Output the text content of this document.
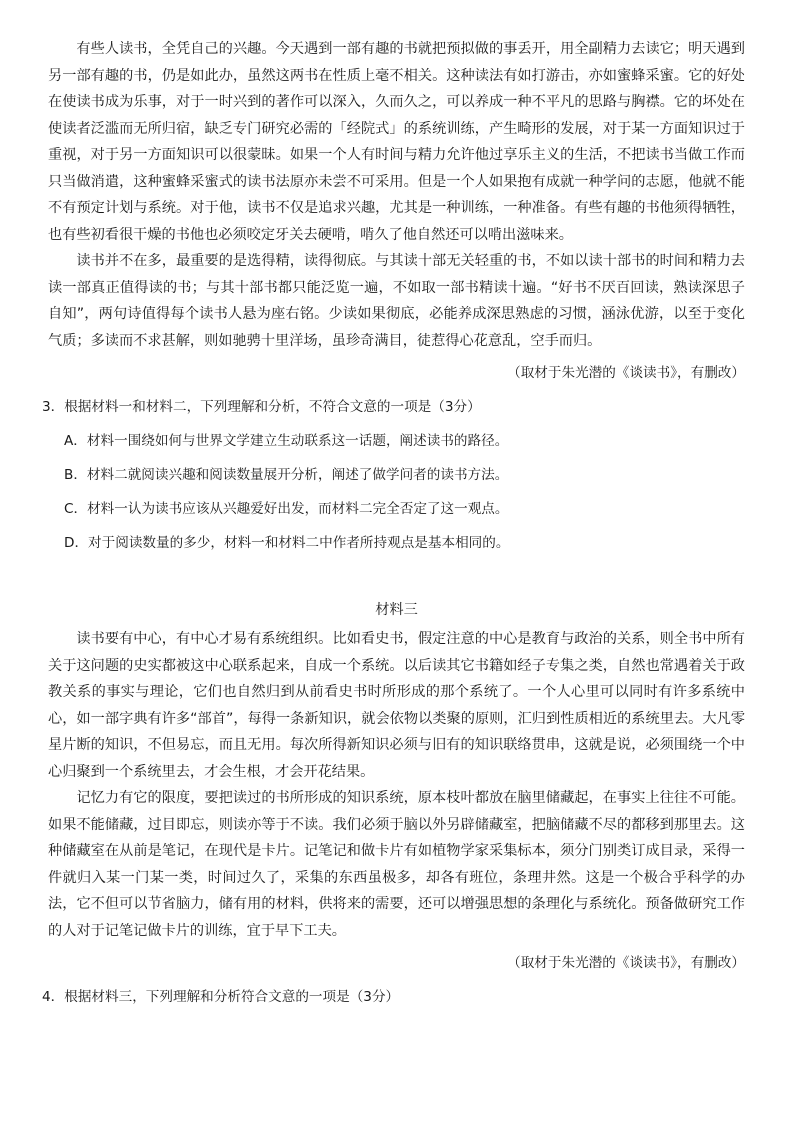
有些人读书，全凭自己的兴趣。今天遇到一部有趣的书就把预拟做的事丢开，用全副精力去读它；明天遇到另一部有趣的书，仍是如此办，虽然这两书在性质上毫不相关。这种读法有如打游击，亦如蜜蜂采蜜。它的好处在使读书成为乐事，对于一时兴到的著作可以深入，久而久之，可以养成一种不平凡的思路与胸襟。它的坏处在使读者泛滥而无所归宿，缺乏专门研究必需的「经院式」的系统训练，产生畸形的发展，对于某一方面知识过于重视，对于另一方面知识可以很蒙昧。如果一个人有时间与精力允许他过享乐主义的生活，不把读书当做工作而只当做消遣，这种蜜蜂采蜜式的读书法原亦未尝不可采用。但是一个人如果抱有成就一种学问的志愿，他就不能不有预定计划与系统。对于他，读书不仅是追求兴趣，尤其是一种训练，一种准备。有些有趣的书他须得牺牲，也有些初看很干燥的书他也必须咬定牙关去硬啃，啃久了他自然还可以啃出滋味来。

读书并不在多，最重要的是选得精，读得彻底。与其读十部无关轻重的书，不如以读十部书的时间和精力去读一部真正值得读的书；与其十部书都只能泛览一遍，不如取一部书精读十遍。“好书不厌百回读，熟读深思子自知”，两句诗值得每个读书人悬为座右铭。少读如果彻底，必能养成深思熟虑的习惯，涵泳优游，以至于变化气质；多读而不求甚解，则如驰骋十里洋场，虽珍奇满目，徒惹得心花意乱，空手而归。

（取材于朱光潜的《谈读书》，有删改）

3．根据材料一和材料二，下列理解和分析，不符合文意的一项是（3分）

A．材料一围绕如何与世界文学建立生动联系这一话题，阐述读书的路径。

B．材料二就阅读兴趣和阅读数量展开分析，阐述了做学问者的读书方法。

C．材料一认为读书应该从兴趣爱好出发，而材料二完全否定了这一观点。

D．对于阅读数量的多少，材料一和材料二中作者所持观点是基本相同的。

材料三

读书要有中心，有中心才易有系统组织。比如看史书，假定注意的中心是教育与政治的关系，则全书中所有关于这问题的史实都被这中心联系起来，自成一个系统。以后读其它书籍如经子专集之类，自然也常遇着关于政教关系的事实与理论，它们也自然归到从前看史书时所形成的那个系统了。一个人心里可以同时有许多系统中心，如一部字典有许多“部首”，每得一条新知识，就会依物以类聚的原则，汇归到性质相近的系统里去。大凡零星片断的知识，不但易忘，而且无用。每次所得新知识必须与旧有的知识联络贯串，这就是说，必须围绕一个中心归聚到一个系统里去，才会生根，才会开花结果。

记忆力有它的限度，要把读过的书所形成的知识系统，原本枝叶都放在脑里储藏起，在事实上往往不可能。如果不能储藏，过目即忘，则读亦等于不读。我们必须于脑以外另辟储藏室，把脑储藏不尽的都移到那里去。这种储藏室在从前是笔记，在现代是卡片。记笔记和做卡片有如植物学家采集标本，须分门别类订成目录，采得一件就归入某一门某一类，时间过久了，采集的东西虽极多，却各有班位，条理井然。这是一个极合乎科学的办法，它不但可以节省脑力，储有用的材料，供将来的需要，还可以增强思想的条理化与系统化。预备做研究工作的人对于记笔记做卡片的训练，宜于早下工夫。

（取材于朱光潜的《谈读书》，有删改）

4．根据材料三，下列理解和分析符合文意的一项是（3分）
